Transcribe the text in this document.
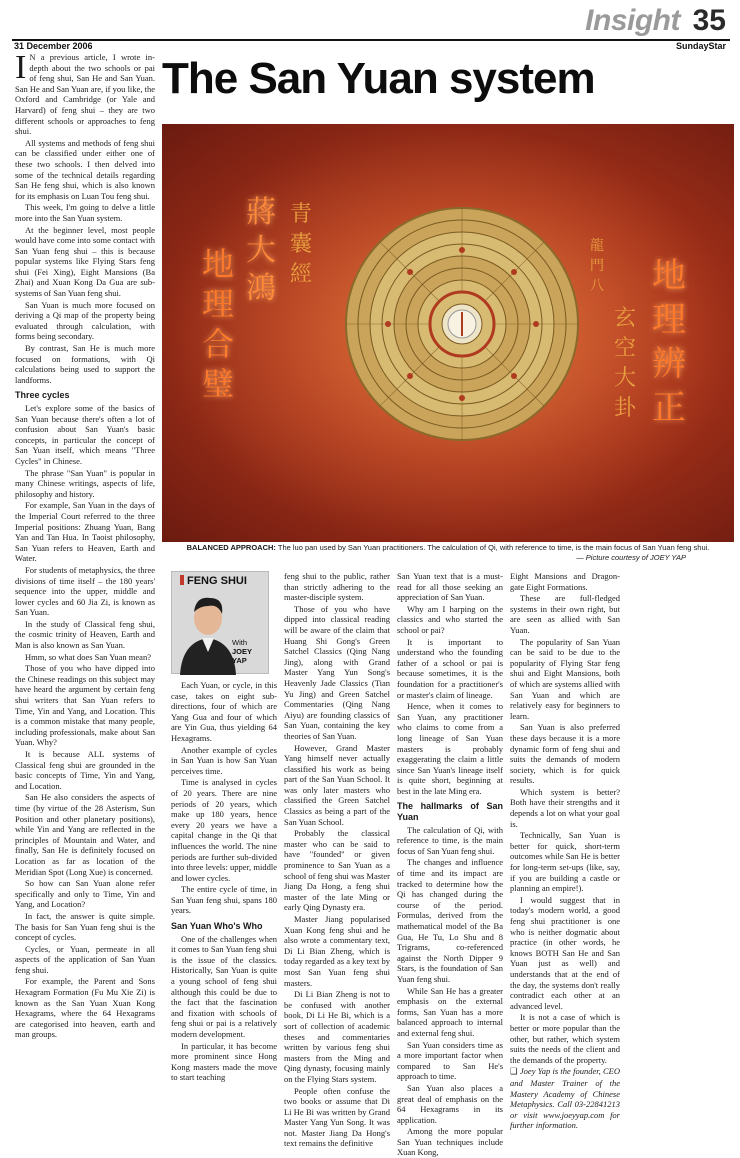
Insight 35
31 December 2006	SundayStar

I N a previous article, I wrote in-depth about the two schools or pai of feng shui, San He and San Yuan. San He and San Yuan are, if you like, the Oxford and Cambridge (or Yale and Harvard) of feng shui – they are two different schools or approaches to feng shui.

All systems and methods of feng shui can be classified under either one of these two schools. I then delved into some of the technical details regarding San He feng shui, which is also known for its emphasis on Luan Tou feng shui.

This week, I'm going to delve a little more into the San Yuan system.

At the beginner level, most people would have come into some contact with San Yuan feng shui – this is because popular systems like Flying Stars feng shui (Fei Xing), Eight Mansions (Ba Zhai) and Xuan Kong Da Gua are sub-systems of San Yuan feng shui.

San Yuan is much more focused on deriving a Qi map of the property being evaluated through calculation, with forms being secondary.

By contrast, San He is much more focused on formations, with Qi calculations being used to support the landforms.

Three cycles

Let's explore some of the basics of San Yuan because there's often a lot of confusion about San Yuan's basic concepts, in particular the concept of San Yuan itself, which means "Three Cycles" in Chinese.

The phrase "San Yuan" is popular in many Chinese writings, aspects of life, philosophy and history.

For example, San Yuan in the days of the Imperial Court referred to the three Imperial positions: Zhuang Yuan, Bang Yan and Tan Hua. In Taoist philosophy, San Yuan refers to Heaven, Earth and Water.

For students of metaphysics, the three divisions of time itself – the 180 years' sequence into the upper, middle and lower cycles and 60 Jia Zi, is known as San Yuan.

In the study of Classical feng shui, the cosmic trinity of Heaven, Earth and Man is also known as San Yuan.

Hmm, so what does San Yuan mean?

Those of you who have dipped into the Chinese readings on this subject may have heard the argument by certain feng shui writers that San Yuan refers to Time, Yin and Yang, and Location. This is a common mistake that many people, including professionals, make about San Yuan. Why?

It is because ALL systems of Classical feng shui are grounded in the basic concepts of Time, Yin and Yang, and Location.

San He also considers the aspects of time (by virtue of the 28 Asterism, Sun Position and other planetary positions), while Yin and Yang are reflected in the principles of Mountain and Water, and finally, San He is definitely focused on Location as far as location of the Meridian Spot (Long Xue) is concerned.

So how can San Yuan alone refer specifically and only to Time, Yin and Yang, and Location?

In fact, the answer is quite simple. The basis for San Yuan feng shui is the concept of cycles.

Cycles, or Yuan, permeate in all aspects of the application of San Yuan feng shui.

For example, the Parent and Sons Hexagram Formation (Fu Mu Xie Zi) is known as the San Yuan Xuan Kong Hexagrams, where the 64 Hexagrams are categorised into heaven, earth and man groups.

The San Yuan system
地
理
合
璧
蔣
大
鴻
青
囊
經	地
理
辨
正
玄
空
大
卦
龍
門
八
BALANCED APPROACH: The luo pan used by San Yuan practitioners. The calculation of Qi, with reference to time, is the main focus of San Yuan feng shui.
— Picture courtesy of JOEY YAP
FENG SHUI
With
JOEY YAP

Each Yuan, or cycle, in this case, takes on eight sub-directions, four of which are Yang Gua and four of which are Yin Gua, thus yielding 64 Hexagrams.

Another example of cycles in San Yuan is how San Yuan perceives time.

Time is analysed in cycles of 20 years. There are nine periods of 20 years, which make up 180 years, hence every 20 years we have a capital change in the Qi that influences the world. The nine periods are further sub-divided into three levels: upper, middle and lower cycles.

The entire cycle of time, in San Yuan feng shui, spans 180 years.

San Yuan Who's Who

One of the challenges when it comes to San Yuan feng shui is the issue of the classics. Historically, San Yuan is quite a young school of feng shui although this could be due to the fact that the fascination and fixation with schools of feng shui or pai is a relatively modern development.

In particular, it has become more prominent since Hong Kong masters made the move to start teaching

feng shui to the public, rather than strictly adhering to the master-disciple system.

Those of you who have dipped into classical reading will be aware of the claim that Huang Shi Gong's Green Satchel Classics (Qing Nang Jing), along with Grand Master Yang Yun Song's Heavenly Jade Classics (Tian Yu Jing) and Green Satchel Commentaries (Qing Nang Aiyu) are founding classics of San Yuan, containing the key theories of San Yuan.

However, Grand Master Yang himself never actually classified his work as being part of the San Yuan School. It was only later masters who classified the Green Satchel Classics as being a part of the San Yuan School.

Probably the classical master who can be said to have "founded" or given prominence to San Yuan as a school of feng shui was Master Jiang Da Hong, a feng shui master of the late Ming or early Qing Dynasty era.

Master Jiang popularised Xuan Kong feng shui and he also wrote a commentary text, Di Li Bian Zheng, which is today regarded as a key text by most San Yuan feng shui masters.

Di Li Bian Zheng is not to be confused with another book, Di Li He Bi, which is a sort of collection of academic theses and commentaries written by various feng shui masters from the Ming and Qing dynasty, focusing mainly on the Flying Stars system.

People often confuse the two books or assume that Di Li He Bi was written by Grand Master Yang Yun Song. It was not. Master Jiang Da Hong's text remains the definitive

San Yuan text that is a must-read for all those seeking an appreciation of San Yuan.

Why am I harping on the classics and who started the school or pai?

It is important to understand who the founding father of a school or pai is because sometimes, it is the foundation for a practitioner's or master's claim of lineage.

Hence, when it comes to San Yuan, any practitioner who claims to come from a long lineage of San Yuan masters is probably exaggerating the claim a little since San Yuan's lineage itself is quite short, beginning at best in the late Ming era.

The hallmarks of San Yuan

The calculation of Qi, with reference to time, is the main focus of San Yuan feng shui.

The changes and influence of time and its impact are tracked to determine how the Qi has changed during the course of the period. Formulas, derived from the mathematical model of the Ba Gua, He Tu, Lo Shu and 8 Trigrams, co-referenced against the North Dipper 9 Stars, is the foundation of San Yuan feng shui.

While San He has a greater emphasis on the external forms, San Yuan has a more balanced approach to internal and external feng shui.

San Yuan considers time as a more important factor when compared to San He's approach to time.

San Yuan also places a great deal of emphasis on the 64 Hexagrams in its application.

Among the more popular San Yuan techniques include Xuan Kong,

Eight Mansions and Dragon-gate Eight Formations.

These are full-fledged systems in their own right, but are seen as allied with San Yuan.

The popularity of San Yuan can be said to be due to the popularity of Flying Star feng shui and Eight Mansions, both of which are systems allied with San Yuan and which are relatively easy for beginners to learn.

San Yuan is also preferred these days because it is a more dynamic form of feng shui and suits the demands of modern society, which is for quick results.

Which system is better? Both have their strengths and it depends a lot on what your goal is.

Technically, San Yuan is better for quick, short-term outcomes while San He is better for long-term set-ups (like, say, if you are building a castle or planning an empire!).

I would suggest that in today's modern world, a good feng shui practitioner is one who is neither dogmatic about practice (in other words, he knows BOTH San He and San Yuan just as well) and understands that at the end of the day, the systems don't really contradict each other at an advanced level.

It is not a case of which is better or more popular than the other, but rather, which system suits the needs of the client and the demands of the property.

❑ Joey Yap is the founder, CEO and Master Trainer of the Mastery Academy of Chinese Metaphysics. Call 03-22841213 or visit www.joeyyap.com for further information.
